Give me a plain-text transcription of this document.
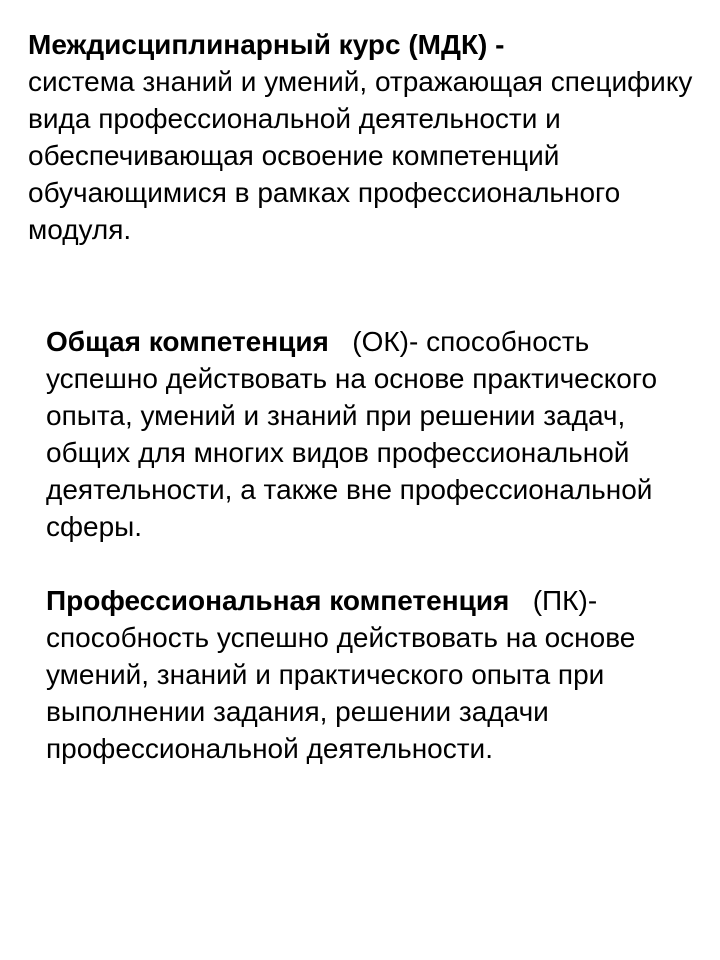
Междисциплинарный курс (МДК) -
система знаний и умений, отражающая специфику вида профессиональной деятельности и обеспечивающая освоение компетенций обучающимися в рамках профессионального модуля.

Общая компетенция (ОК)- способность успешно действовать на основе практического опыта, умений и знаний при решении задач, общих для многих видов профессиональной деятельности, а также вне профессиональной сферы.

Профессиональная компетенция (ПК)- способность успешно действовать на основе умений, знаний и практического опыта при выполнении задания, решении задачи профессиональной деятельности.
